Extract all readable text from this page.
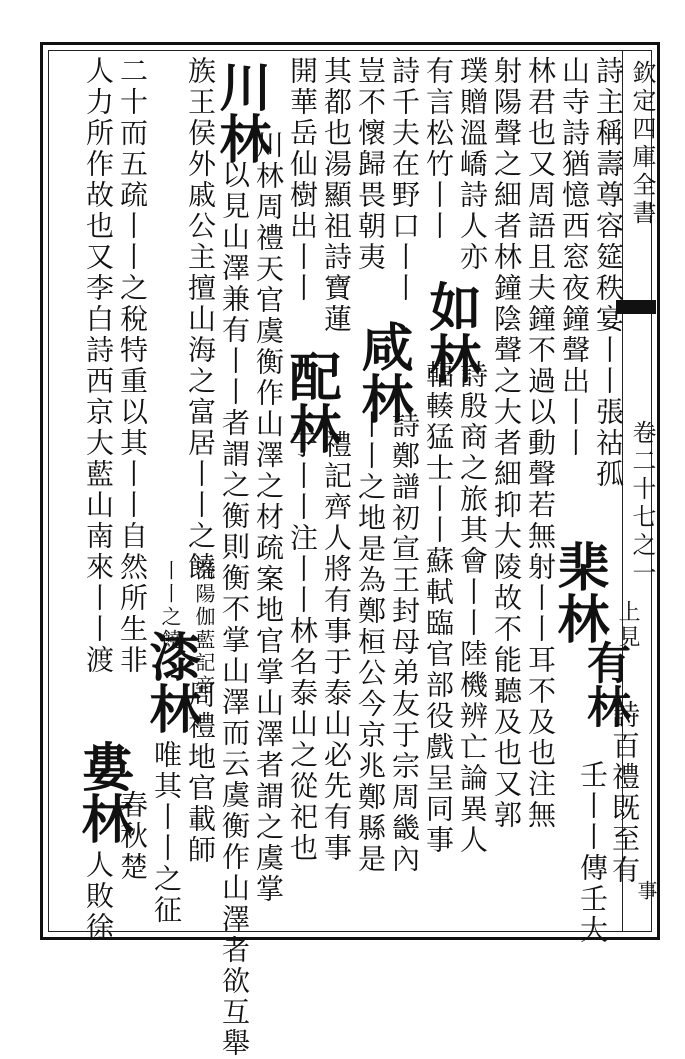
欽定四庫全書
卷二十七之一
詩主稱壽尊容筵秩宴丨丨張祜孤
山寺詩猶憶西窓夜鐘聲出丨丨
棐林 上見
有林
詩百禮既至有
壬丨丨傳壬大
林君也又周語且夫鐘不過以動聲若無射丨丨耳不及也注無
射陽聲之細者林鐘陰聲之大者細抑大陵故不能聽及也又郭
璞贈溫嶠詩人亦
有言松竹丨丨
如林
詩殷商之旅其會丨丨陸機辨亡論異人
輻輳猛士丨丨蘇軾臨官部役戲呈同事
詩千夫在野口丨丨
豈不懷歸畏朝夷
咸林
詩鄭譜初宣王封母弟友于宗周畿內
丨丨之地是為鄭桓公今京兆鄭縣是
其都也湯顯祖詩寶蓮
開華岳仙樹出丨丨
配林
禮記齊人將有事于泰山必先有事
于丨丨注丨丨林名泰山之從祀也
川林
川林周禮天官虞衡作山澤之材疏案地官掌山澤者謂之虞掌
以見山澤兼有丨丨者謂之衡則衡不掌山澤而云虞衡作山澤者欲互舉
族王侯外戚公主擅山海之富居丨丨之饒
漆林
周禮地官載師
唯其丨丨之征
二十而五疏丨丨之稅特重以其丨丨自然所生非
人力所作故也又李白詩西京大藍山南來丨丨渡
婁林
春秋楚
人敗徐	事
洛陽伽藍記帝
丨丨之饒
